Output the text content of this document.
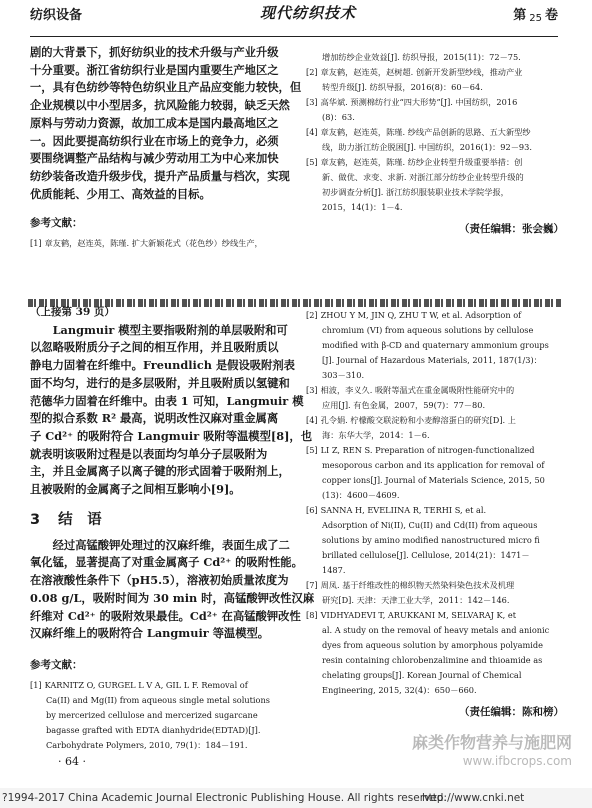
纺织设备	现代纺织技术	第 25 卷
剧的大背景下，抓好纺织业的技术升级与产业升级
十分重要。浙江省纺织行业是国内重要生产地区之
一，具有色纺纱等特色纺织业且产品应变能力较快，但
企业规模以中小型居多，抗风险能力较弱，缺乏天然
原料与劳动力资源，故加工成本是国内最高地区之
一。因此要提高纺织行业在市场上的竞争力，必须
要围绕调整产品结构与减少劳动用工为中心来加快
纺纱装备改造升级步伐，提升产品质量与档次，实现
优质能耗、少用工、高效益的目标。
参考文献：
[1] 章友鹤，赵连英，陈瑾. 扩大新颖花式（花色纱）纱线生产，
增加纺纱企业效益[J]. 纺织导报，2015(11)：72－75.
[2] 章友鹤，赵连英，赵树超. 创新开发新型纱线，推动产业
转型升级[J]. 纺织导报，2016(8)：60－64.
[3] 高华斌. 预测棉纺行业“四大形势”[J]. 中国纺织，2016
(8)：63.
[4] 章友鹤，赵连英，陈瑾. 纱线产品创新的思路、五大新型纱
线，助力浙江纺企脱困[J]. 中国纺织，2016(1)：92－93.
[5] 章友鹤，赵连英，陈瑾. 纺纱企业转型升级重要举措：创
新、做优、求变、求新. 对浙江部分纺纱企业转型升级的
初步调查分析[J]. 浙江纺织服装职业技术学院学报，
2015，14(1)：1－4.
（责任编辑：张会巍）
（上接第 39 页）
Langmuir 模型主要指吸附剂的单层吸附和可
以忽略吸附质分子之间的相互作用，并且吸附质以
静电力固着在纤维中。Freundlich 是假设吸附剂表
面不均匀，进行的是多层吸附，并且吸附质以氢键和
范德华力固着在纤维中。由表 1 可知，Langmuir 模
型的拟合系数 R² 最高，说明改性汉麻对重金属离
子 Cd²⁺ 的吸附符合 Langmuir 吸附等温模型[8]，也
就表明该吸附过程是以表面均匀单分子层吸附为
主，并且金属离子以离子键的形式固着于吸附剂上，
且被吸附的金属离子之间相互影响小[9]。
3 结　语
经过高锰酸钾处理过的汉麻纤维，表面生成了二
氧化锰，显著提高了对重金属离子 Cd²⁺ 的吸附性能。
在溶液酸性条件下（pH5.5），溶液初始质量浓度为
0.08 g/L，吸附时间为 30 min 时，高锰酸钾改性汉麻
纤维对 Cd²⁺ 的吸附效果最佳。Cd²⁺ 在高锰酸钾改性
汉麻纤维上的吸附符合 Langmuir 等温模型。
参考文献：
[1] KARNITZ O, GURGEL L V A, GIL L F. Removal of
Ca(II) and Mg(II) from aqueous single metal solutions
by mercerized cellulose and mercerized sugarcane
bagasse grafted with EDTA dianhydride(EDTAD)[J].
Carbohydrate Polymers, 2010, 79(1)：184－191.
[2] ZHOU Y M, JIN Q, ZHU T W, et al. Adsorption of
chromium (VI) from aqueous solutions by cellulose
modified with β-CD and quaternary ammonium groups
[J]. Journal of Hazardous Materials, 2011, 187(1/3)：
303－310.
[3] 相波，李义久. 吸附等温式在重金属吸附性能研究中的
应用[J]. 有色金属，2007，59(7)：77－80.
[4] 孔令娟. 柠檬酸交联淀粉和小麦醇溶蛋白的研究[D]. 上
海：东华大学，2014：1－6.
[5] LI Z, REN S. Preparation of nitrogen-functionalized
mesoporous carbon and its application for removal of
copper ions[J]. Journal of Materials Science, 2015, 50
(13)：4600－4609.
[6] SANNA H, EVELIINA R, TERHI S, et al.
Adsorption of Ni(II), Cu(II) and Cd(II) from aqueous
solutions by amino modified nanostructured micro fi
brillated cellulose[J]. Cellulose, 2014(21)：1471－
1487.
[7] 周凤. 基于纤维改性的棉织物天然染料染色技术及机理
研究[D]. 天津：天津工业大学，2011：142－146.
[8] VIDHYADEVI T, ARUKKANI M, SELVARAJ K, et
al. A study on the removal of heavy metals and anionic
dyes from aqueous solution by amorphous polyamide
resin containing chlorobenzalimine and thioamide as
chelating groups[J]. Korean Journal of Chemical
Engineering, 2015, 32(4)：650－660.
（责任编辑：陈和榜）
· 64 ·
麻类作物营养与施肥网
www.ifbcrops.com
?1994-2017 China Academic Journal Electronic Publishing House. All rights reserved.
http://www.cnki.net
